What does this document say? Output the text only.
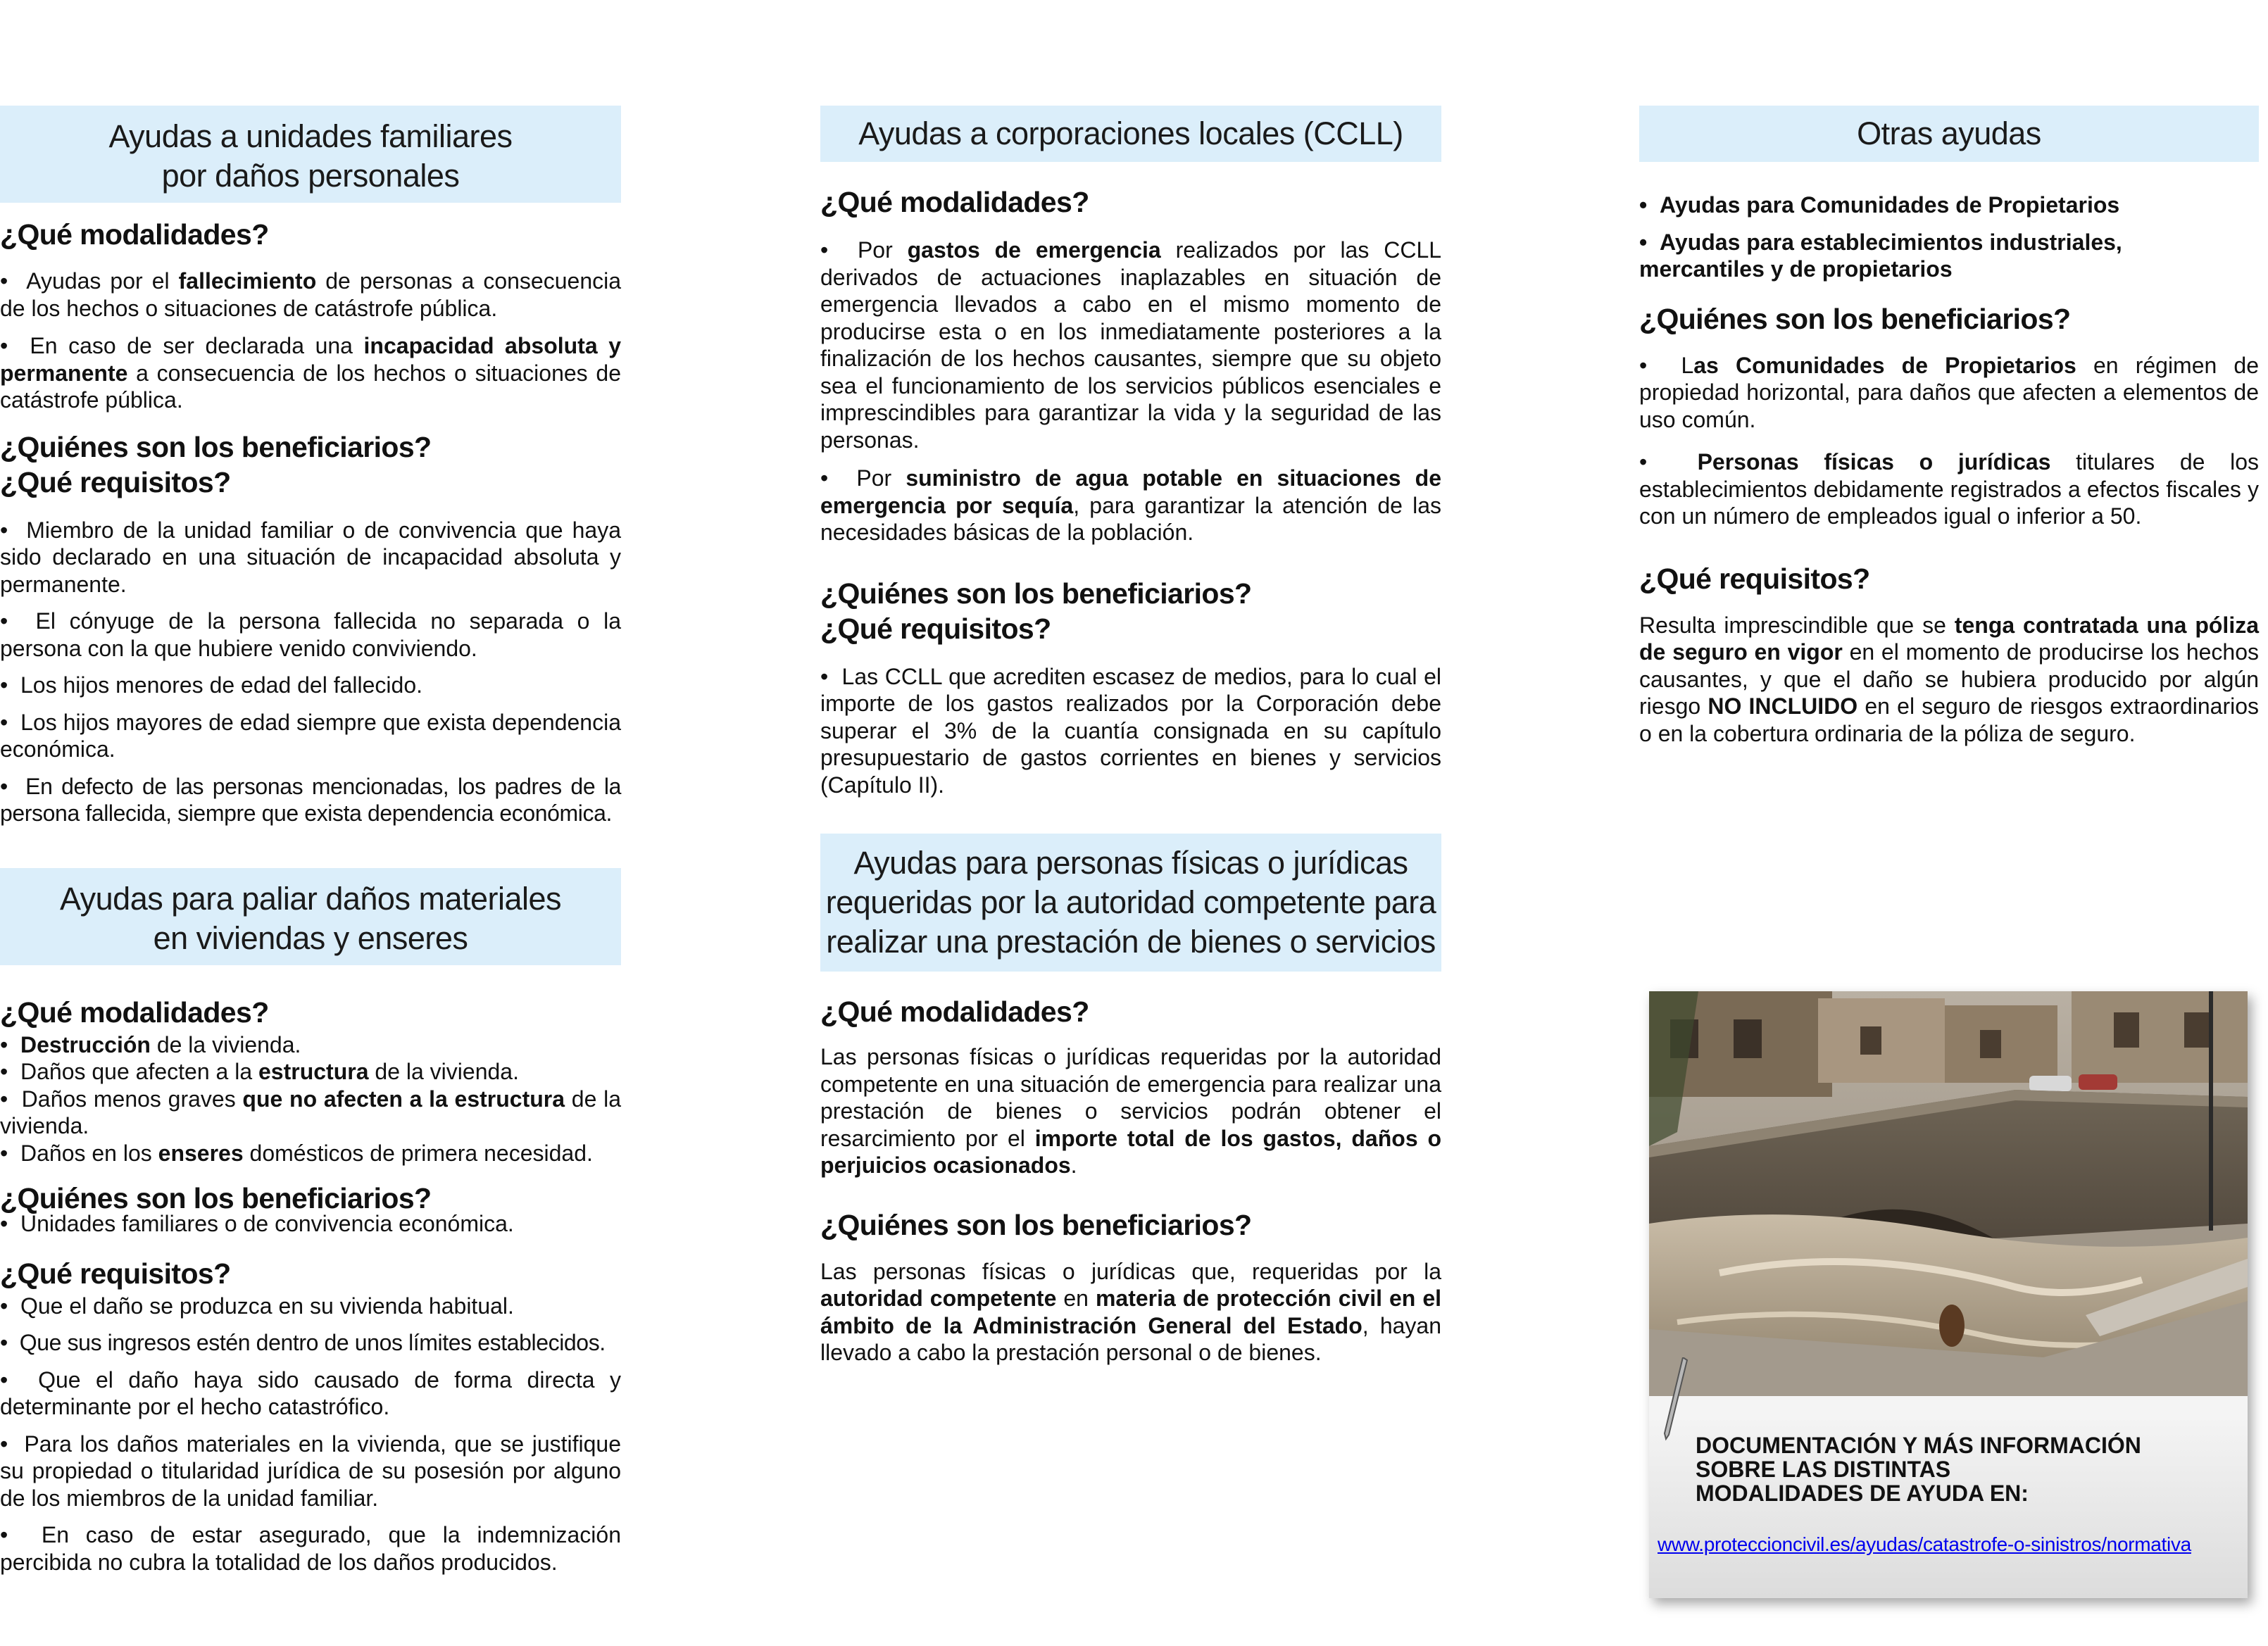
Ayudas a unidades familiares
por daños personales
¿Qué modalidades?
•  Ayudas por el fallecimiento de personas a consecuencia de los hechos o situaciones de catástrofe pública.
•  En caso de ser declarada una incapacidad absoluta y permanente a consecuencia de los hechos o situaciones de catástrofe pública.
¿Quiénes son los beneficiarios?
¿Qué requisitos?
•  Miembro de la unidad familiar o de convivencia que haya sido declarado en una situación de incapacidad absoluta y permanente.
•  El cónyuge de la persona fallecida no separada o la persona con la que hubiere venido conviviendo.
•  Los hijos menores de edad del fallecido.
•  Los hijos mayores de edad siempre que exista dependencia económica.
•  En defecto de las personas mencionadas, los padres de la persona fallecida, siempre que exista dependencia económica.
Ayudas para paliar daños materiales
en viviendas y enseres
¿Qué modalidades?
•  Destrucción de la vivienda.
•  Daños que afecten a la estructura de la vivienda.
•  Daños menos graves que no afecten a la estructura de la vivienda.
•  Daños en los enseres domésticos de primera necesidad.
¿Quiénes son los beneficiarios?
•  Unidades familiares o de convivencia económica.
¿Qué requisitos?
•  Que el daño se produzca en su vivienda habitual.
•  Que sus ingresos estén dentro de unos límites establecidos.
•  Que el daño haya sido causado de forma directa y determinante por el hecho catastrófico.
•  Para los daños materiales en la vivienda, que se justifique su propiedad o titularidad jurídica de su posesión por alguno de los miembros de la unidad familiar.
•  En caso de estar asegurado, que la indemnización percibida no cubra la totalidad de los daños producidos.
Ayudas a corporaciones locales (CCLL)
¿Qué modalidades?
•  Por gastos de emergencia realizados por las CCLL derivados de actuaciones inaplazables en situación de emergencia llevados a cabo en el mismo momento de producirse esta o en los inmediatamente posteriores a la finalización de los hechos causantes, siempre que su objeto sea el funcionamiento de los servicios públicos esenciales e imprescindibles para garantizar la vida y la seguridad de las personas.
•  Por suministro de agua potable en situaciones de emergencia por sequía, para garantizar la atención de las necesidades básicas de la población.
¿Quiénes son los beneficiarios?
¿Qué requisitos?
•  Las CCLL que acrediten escasez de medios, para lo cual el importe de los gastos realizados por la Corporación debe superar el 3% de la cuantía consignada en su capítulo presupuestario de gastos corrientes en bienes y servicios (Capítulo II).
Ayudas para personas físicas o jurídicas
requeridas por la autoridad competente para
realizar una prestación de bienes o servicios
¿Qué modalidades?
Las personas físicas o jurídicas requeridas por la autoridad competente en una situación de emergencia para realizar una prestación de bienes o servicios podrán obtener el resarcimiento por el importe total de los gastos, daños o perjuicios ocasionados.
¿Quiénes son los beneficiarios?
Las personas físicas o jurídicas que, requeridas por la autoridad competente en materia de protección civil en el ámbito de la Administración General del Estado, hayan llevado a cabo la prestación personal o de bienes.
Otras ayudas
•  Ayudas para Comunidades de Propietarios
•  Ayudas para establecimientos industriales, mercantiles y de propietarios
¿Quiénes son los beneficiarios?
•  Las Comunidades de Propietarios en régimen de propiedad horizontal, para daños que afecten a elementos de uso común.
•  Personas físicas o jurídicas titulares de los establecimientos debidamente registrados a efectos fiscales y con un número de empleados igual o inferior a 50.
¿Qué requisitos?
Resulta imprescindible que se tenga contratada una póliza de seguro en vigor en el momento de producirse los hechos causantes, y que el daño se hubiera producido por algún riesgo NO INCLUIDO en el seguro de riesgos extraordinarios o en la cobertura ordinaria de la póliza de seguro.
DOCUMENTACIÓN Y MÁS INFORMACIÓN
SOBRE LAS DISTINTAS
MODALIDADES DE AYUDA EN:
www.proteccioncivil.es/ayudas/catastrofe-o-sinistros/normativa
